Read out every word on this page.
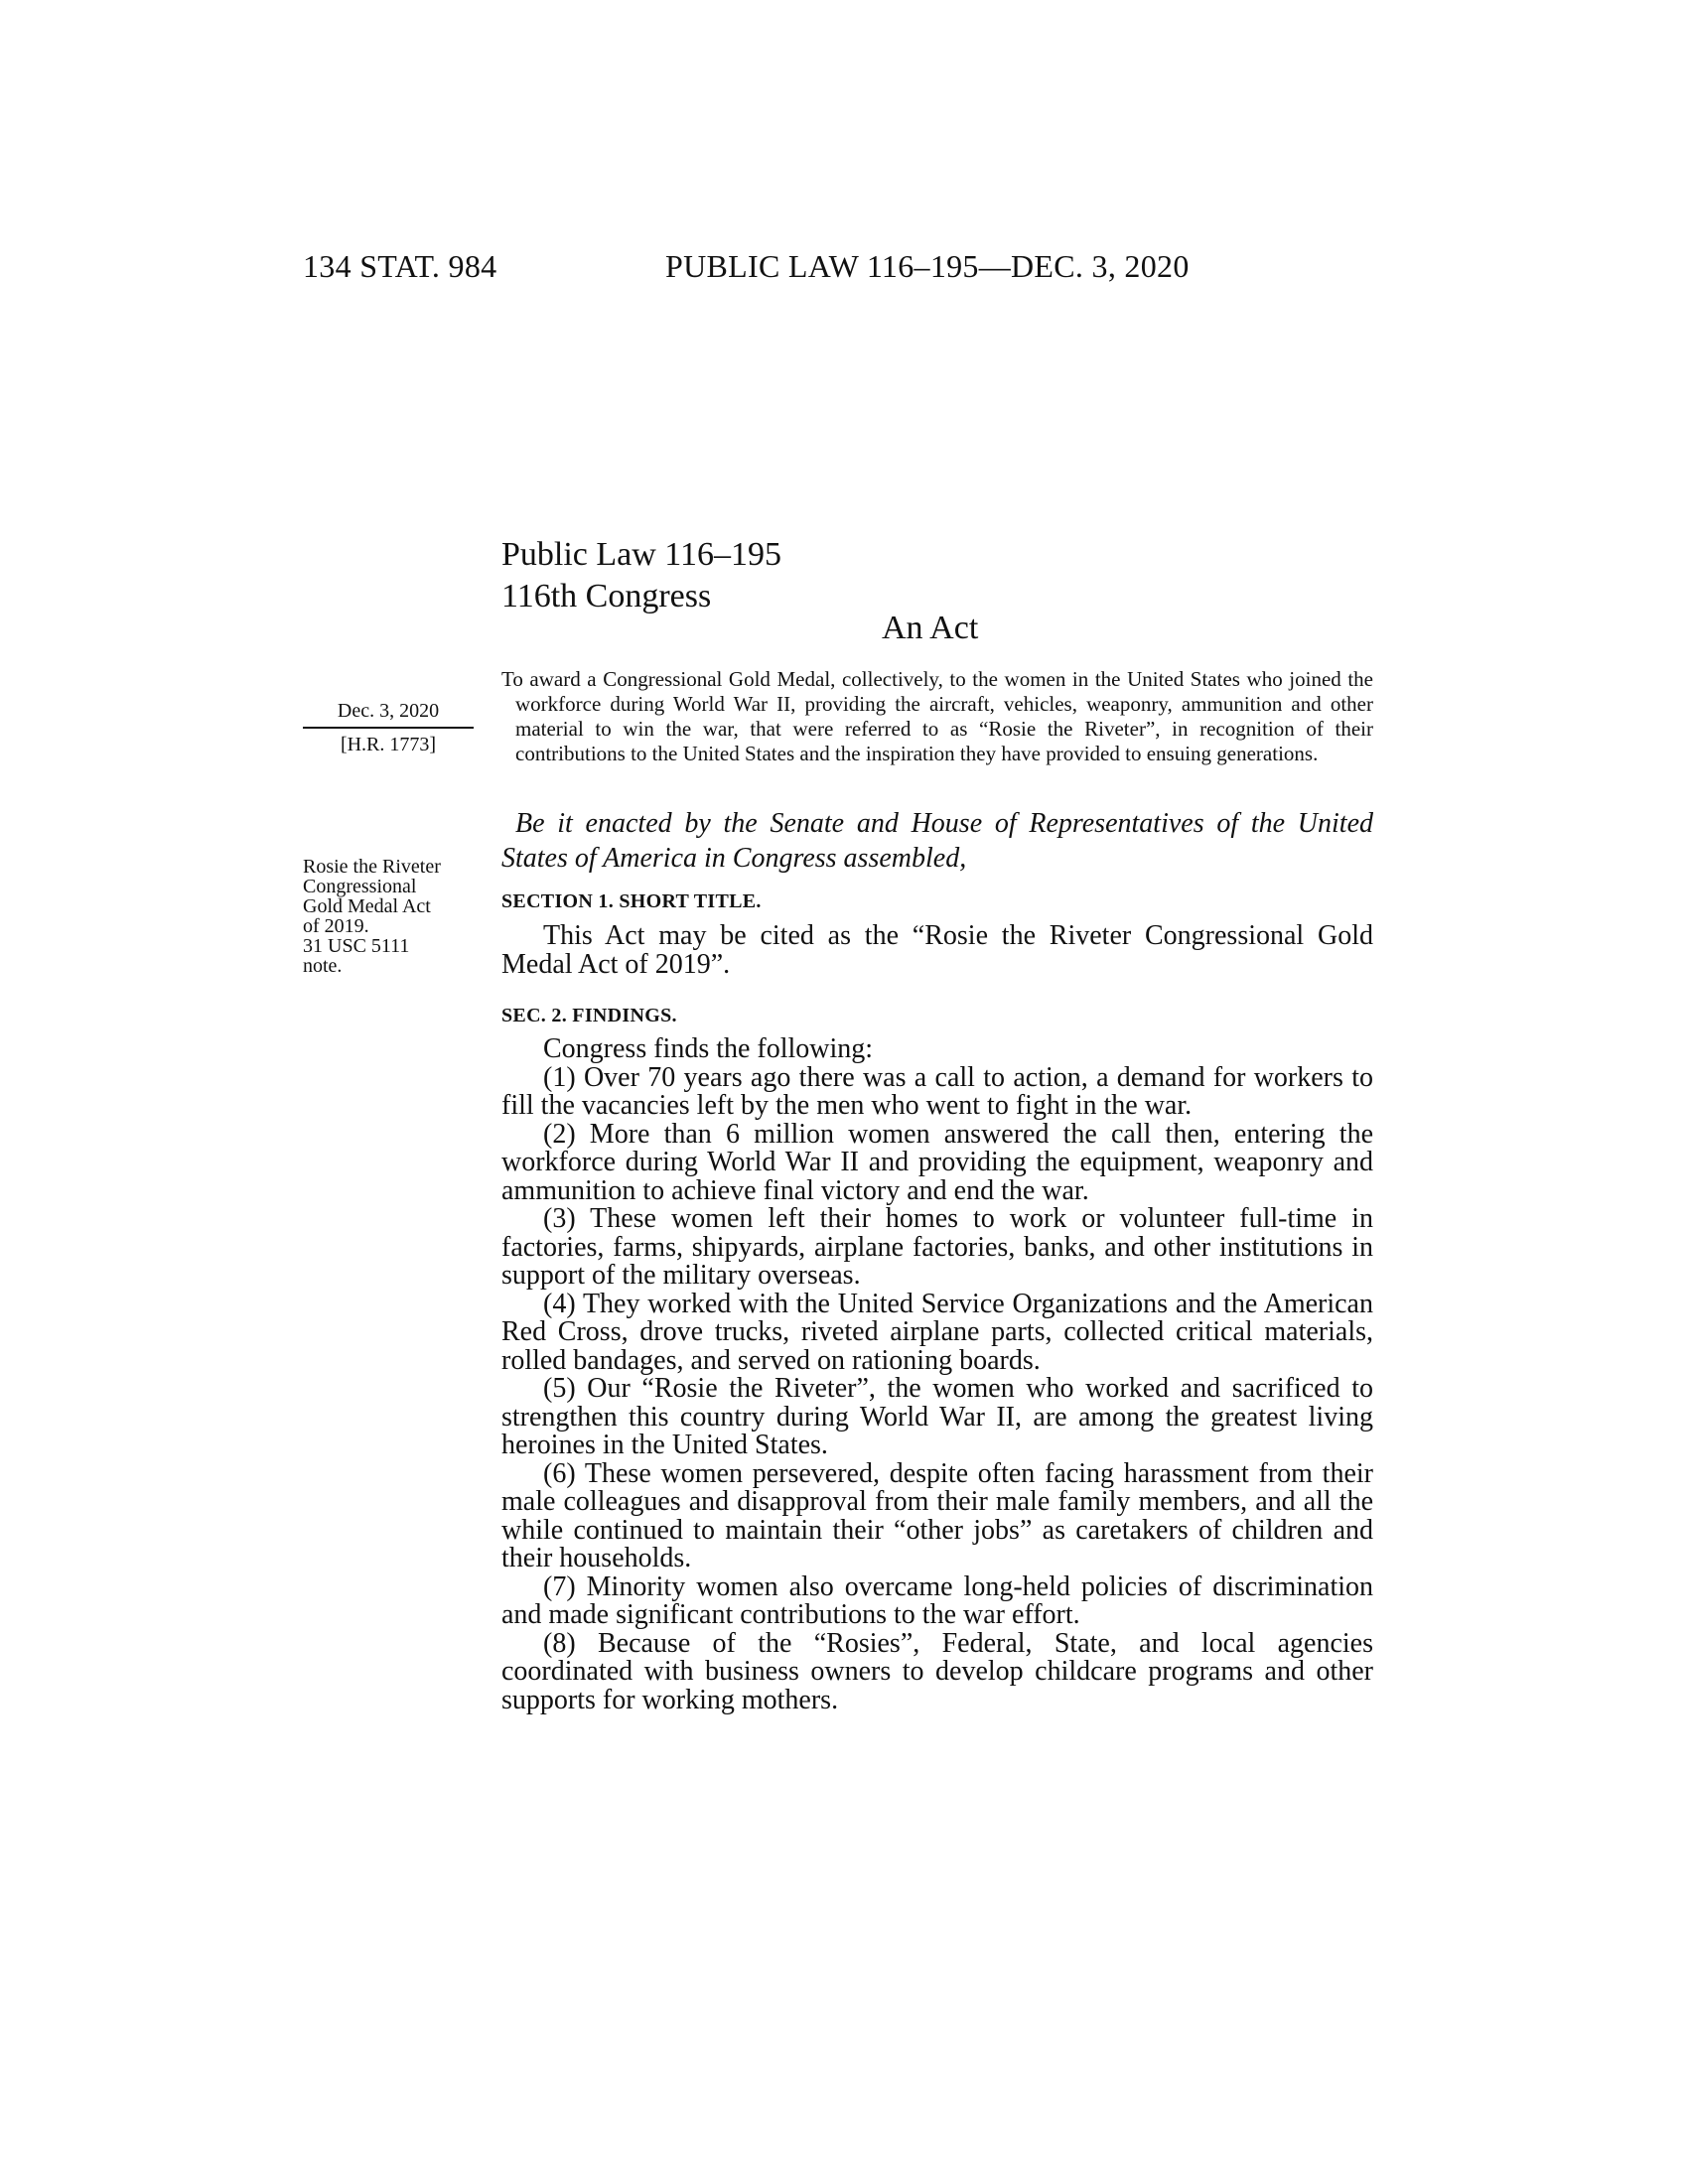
134 STAT. 984	PUBLIC LAW 116–195—DEC. 3, 2020
Public Law 116–195
116th Congress
An Act
Dec. 3, 2020
[H.R. 1773]
Rosie the Riveter
Congressional
Gold Medal Act
of 2019.
31 USC 5111
note.
To award a Congressional Gold Medal, collectively, to the women in the United States who joined the workforce during World War II, providing the aircraft, vehicles, weaponry, ammunition and other material to win the war, that were referred to as “Rosie the Riveter”, in recognition of their contributions to the United States and the inspiration they have provided to ensuing generations.
Be it enacted by the Senate and House of Representatives of the United States of America in Congress assembled,
SECTION 1. SHORT TITLE.
This Act may be cited as the “Rosie the Riveter Congressional Gold Medal Act of 2019”.
SEC. 2. FINDINGS.

Congress finds the following:

(1) Over 70 years ago there was a call to action, a demand for workers to fill the vacancies left by the men who went to fight in the war.

(2) More than 6 million women answered the call then, entering the workforce during World War II and providing the equipment, weaponry and ammunition to achieve final victory and end the war.

(3) These women left their homes to work or volunteer full-time in factories, farms, shipyards, airplane factories, banks, and other institutions in support of the military overseas.

(4) They worked with the United Service Organizations and the American Red Cross, drove trucks, riveted airplane parts, collected critical materials, rolled bandages, and served on rationing boards.

(5) Our “Rosie the Riveter”, the women who worked and sacrificed to strengthen this country during World War II, are among the greatest living heroines in the United States.

(6) These women persevered, despite often facing harassment from their male colleagues and disapproval from their male family members, and all the while continued to maintain their “other jobs” as caretakers of children and their households.

(7) Minority women also overcame long-held policies of discrimination and made significant contributions to the war effort.

(8) Because of the “Rosies”, Federal, State, and local agencies coordinated with business owners to develop childcare programs and other supports for working mothers.
